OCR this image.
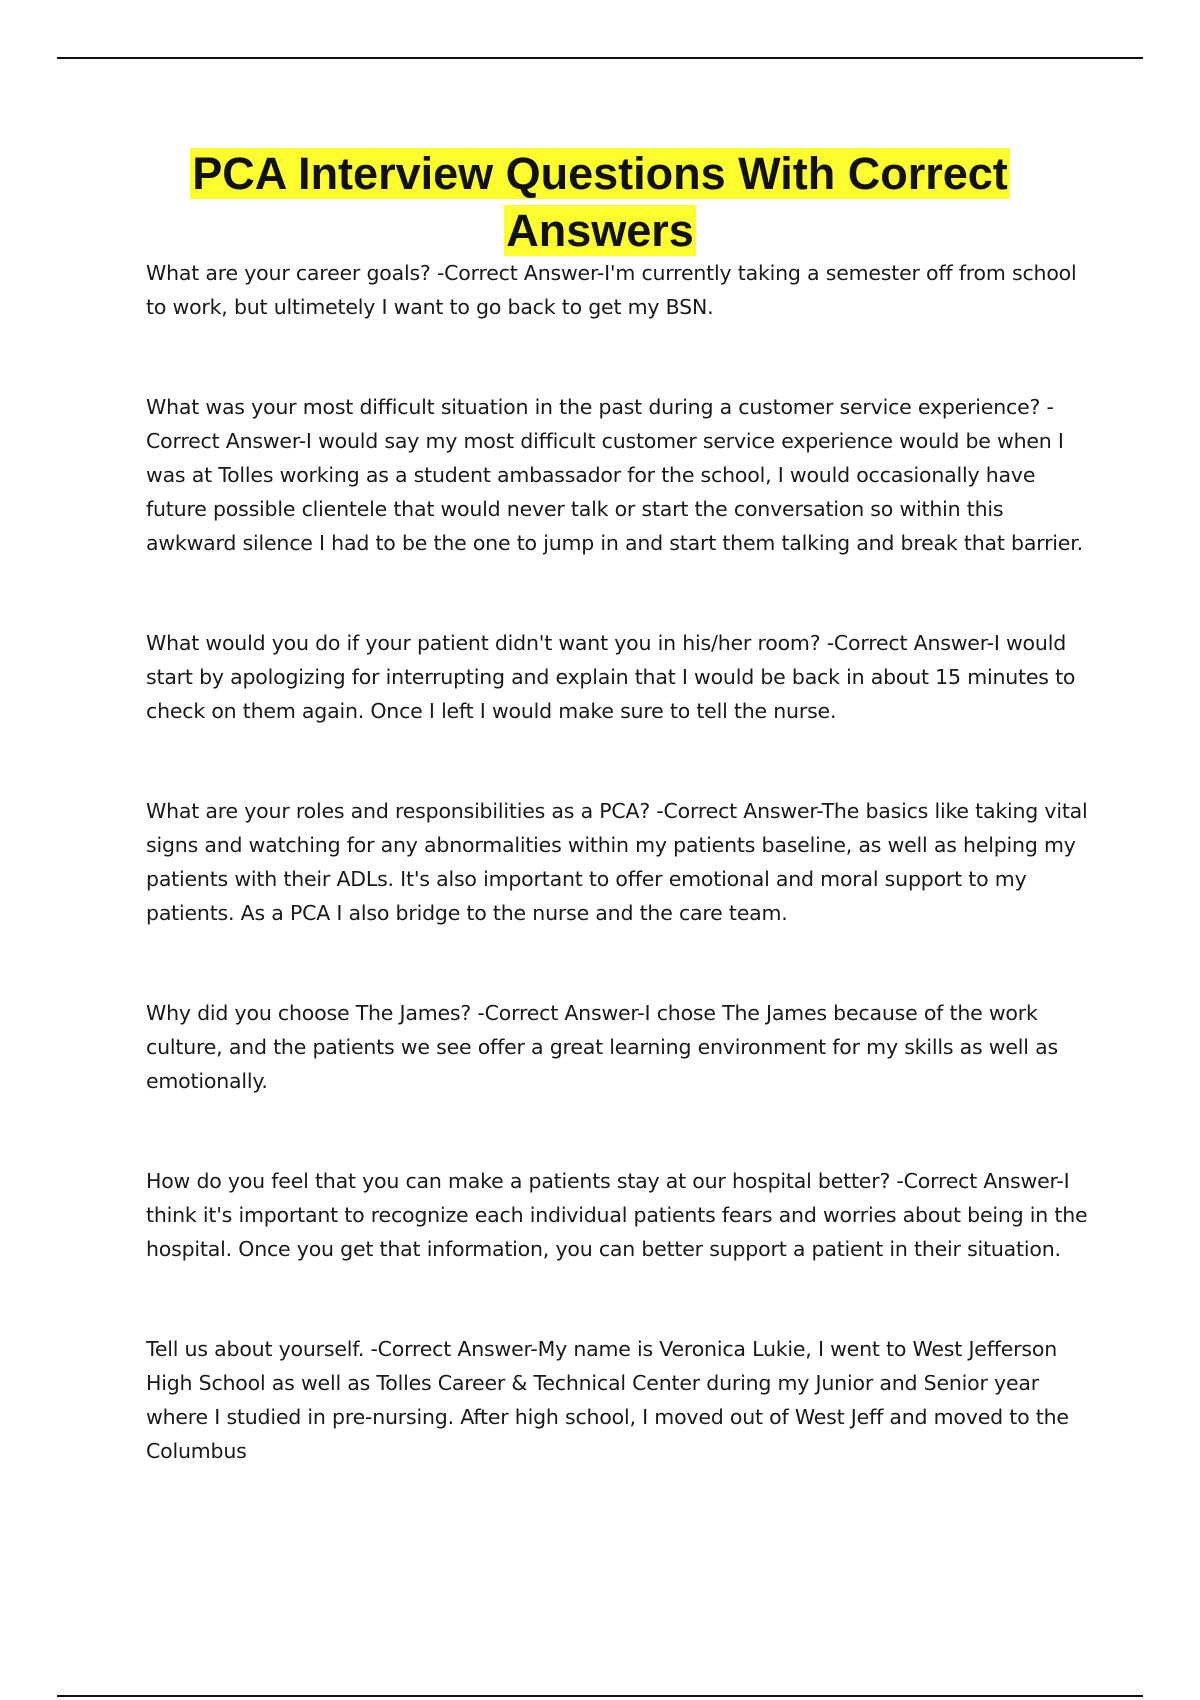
PCA Interview Questions With Correct Answers

What are your career goals? -Correct Answer-I'm currently taking a semester off from school to work, but ultimetely I want to go back to get my BSN.

What was your most difficult situation in the past during a customer service experience? -Correct Answer-I would say my most difficult customer service experience would be when I was at Tolles working as a student ambassador for the school, I would occasionally have future possible clientele that would never talk or start the conversation so within this awkward silence I had to be the one to jump in and start them talking and break that barrier.

What would you do if your patient didn't want you in his/her room? -Correct Answer-I would start by apologizing for interrupting and explain that I would be back in about 15 minutes to check on them again. Once I left I would make sure to tell the nurse.

What are your roles and responsibilities as a PCA? -Correct Answer-The basics like taking vital signs and watching for any abnormalities within my patients baseline, as well as helping my patients with their ADLs. It's also important to offer emotional and moral support to my patients. As a PCA I also bridge to the nurse and the care team.

Why did you choose The James? -Correct Answer-I chose The James because of the work culture, and the patients we see offer a great learning environment for my skills as well as emotionally.

How do you feel that you can make a patients stay at our hospital better? -Correct Answer-I think it's important to recognize each individual patients fears and worries about being in the hospital. Once you get that information, you can better support a patient in their situation.

Tell us about yourself. -Correct Answer-My name is Veronica Lukie, I went to West Jefferson High School as well as Tolles Career & Technical Center during my Junior and Senior year where I studied in pre-nursing. After high school, I moved out of West Jeff and moved to the Columbus
